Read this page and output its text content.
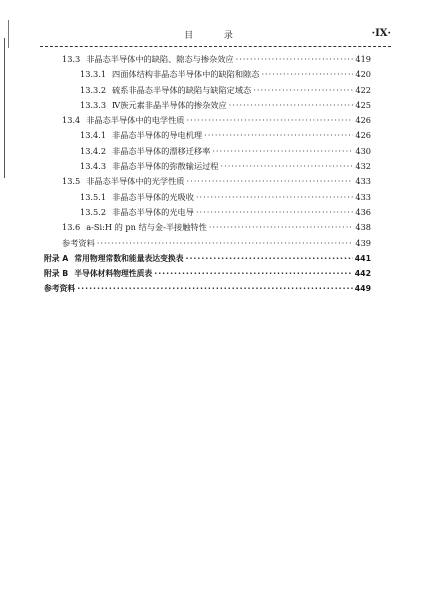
目 录	·IX·
13.3 非晶态半导体中的缺陷、隙态与掺杂效应 ·····	419
13.3.1 四面体结构非晶态半导体中的缺陷和隙态 ·····	420
13.3.2 硫系非晶态半导体的缺陷与缺陷定域态 ·····	422
13.3.3 Ⅳ族元素非晶半导体的掺杂效应 ·····	425
13.4 非晶态半导体中的电学性质 ·····	426
13.4.1 非晶态半导体的导电机理 ·····	426
13.4.2 非晶态半导体的漂移迁移率 ·····	430
13.4.3 非晶态半导体的弥散输运过程 ·····	432
13.5 非晶态半导体中的光学性质 ·····	433
13.5.1 非晶态半导体的光吸收 ·····	433
13.5.2 非晶态半导体的光电导 ·····	436
13.6 a-Si:H 的 pn 结与金-半接触特性 ·····	438
参考资料 ·····	439
附录 A 常用物理常数和能量表达变换表 ·····	441
附录 B 半导体材料物理性质表 ·····	442
参考资料 ·····	449
